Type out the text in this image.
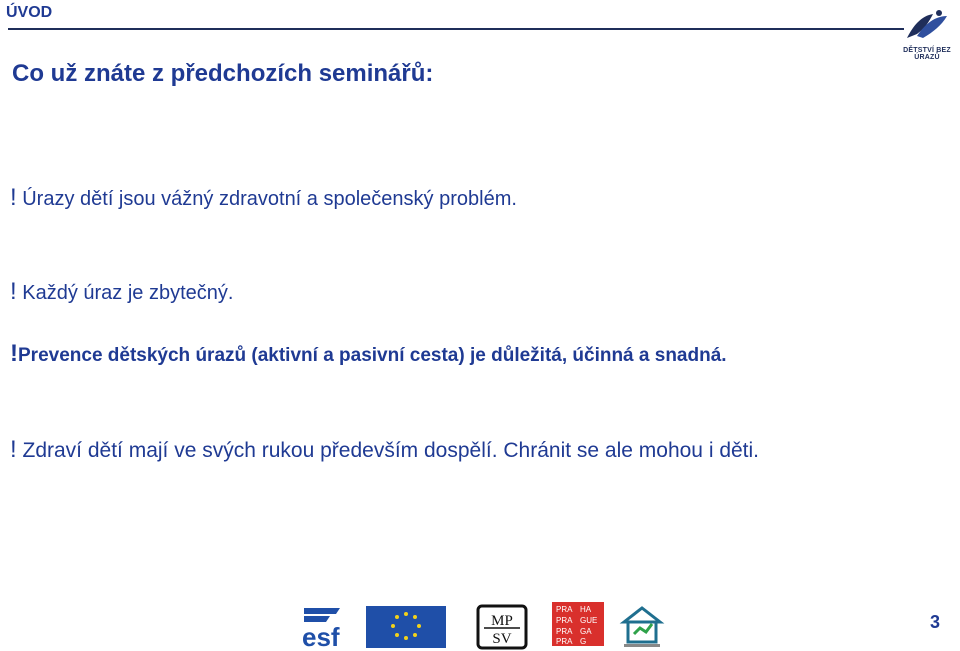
ÚVOD
DĚTSTVÍ BEZ ÚRAZŮ
Co už znáte z předchozích seminářů:
! Úrazy dětí jsou vážný zdravotní a společenský problém.
! Každý úraz je zbytečný.
!Prevence dětských úrazů (aktivní a pasivní cesta) je důležitá, účinná a snadná.
! Zdraví dětí mají ve svých rukou především dospělí. Chránit se ale mohou i děti.
esf
MP
SV
PRA HA
PRA GUE
PRA GA
PRA G
3
